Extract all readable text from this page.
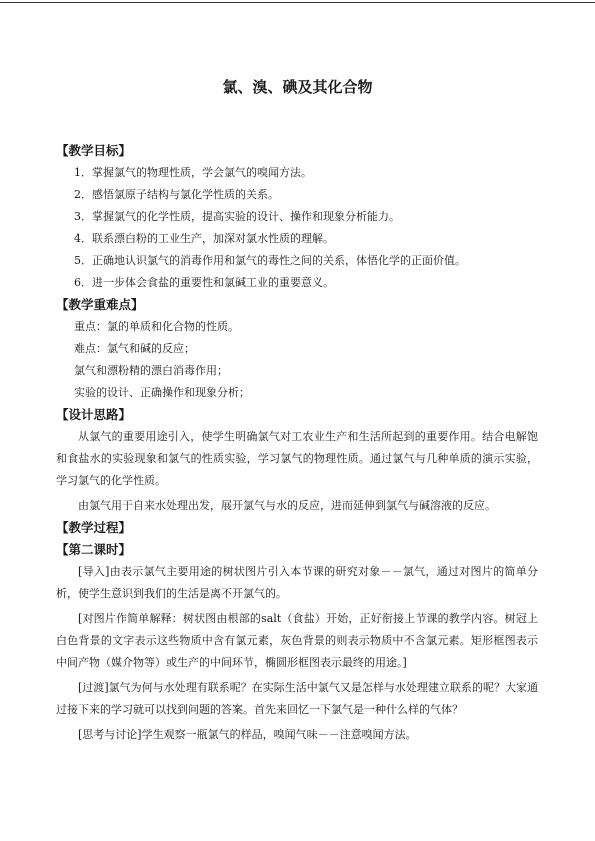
氯、溴、碘及其化合物
【教学目标】
1．掌握氯气的物理性质，学会氯气的嗅闻方法。
2．感悟氯原子结构与氯化学性质的关系。
3．掌握氯气的化学性质，提高实验的设计、操作和现象分析能力。
4．联系漂白粉的工业生产，加深对氯水性质的理解。
5．正确地认识氯气的消毒作用和氯气的毒性之间的关系，体悟化学的正面价值。
6．进一步体会食盐的重要性和氯碱工业的重要意义。
【教学重难点】
重点：氯的单质和化合物的性质。
难点：氯气和碱的反应；
氯气和漂粉精的漂白消毒作用；
实验的设计、正确操作和现象分析；
【设计思路】
从氯气的重要用途引入，使学生明确氯气对工农业生产和生活所起到的重要作用。结合电解饱和食盐水的实验现象和氯气的性质实验，学习氯气的物理性质。通过氯气与几种单质的演示实验，学习氯气的化学性质。
由氯气用于自来水处理出发，展开氯气与水的反应，进而延伸到氯气与碱溶液的反应。
【教学过程】
【第二课时】
[导入]由表示氯气主要用途的树状图片引入本节课的研究对象－－氯气，通过对图片的简单分析，使学生意识到我们的生活是离不开氯气的。
[对图片作简单解释：树状图由根部的salt（食盐）开始，正好衔接上节课的教学内容。树冠上白色背景的文字表示这些物质中含有氯元素，灰色背景的则表示物质中不含氯元素。矩形框图表示中间产物（媒介物等）或生产的中间环节，椭圆形框图表示最终的用途。]
[过渡]氯气为何与水处理有联系呢？在实际生活中氯气又是怎样与水处理建立联系的呢？大家通过接下来的学习就可以找到问题的答案。首先来回忆一下氯气是一种什么样的气体？
[思考与讨论]学生观察一瓶氯气的样品，嗅闻气味－－注意嗅闻方法。
